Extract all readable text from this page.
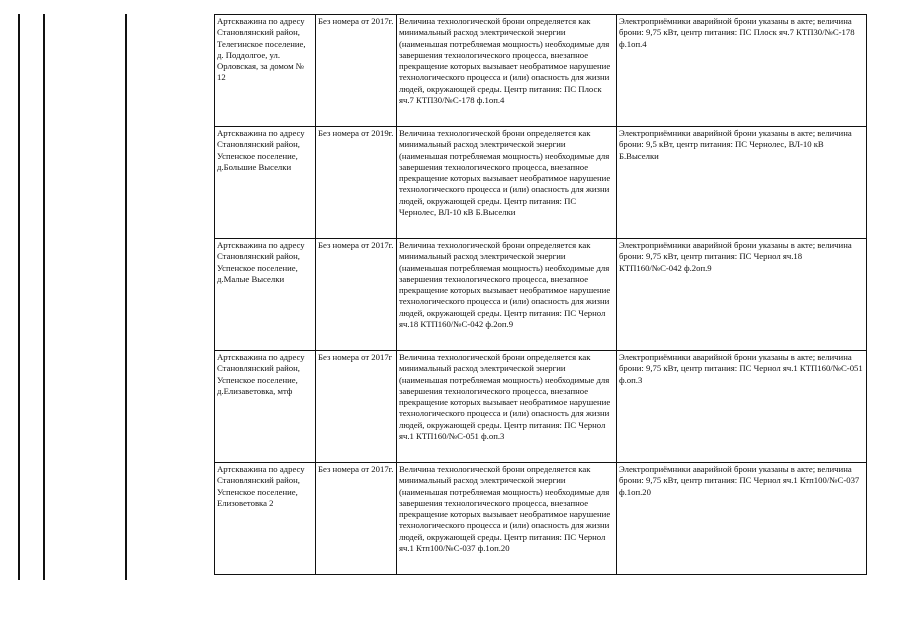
Артскважина по адресу Становлянский район, Телегинское поселение, д. Поддолгое, ул. Орловская, за домом № 12	Без номера от 2017г.	Величина технологической брони определяется как минимальный расход электрической энергии (наименьшая потребляемая мощность) необходимые для завершения технологического процесса, внезапное прекращение которых вызывает необратимое нарушение технологического процесса и (или) опасность для жизни людей, окружающей среды. Центр питания: ПС Плоск яч.7 КТП30/№С-178 ф.1оп.4	Электроприёмники аварийной брони указаны в акте; величина брони: 9,75 кВт, центр питания: ПС Плоск яч.7 КТП30/№С-178 ф.1оп.4
Артскважина по адресу Становлянский район, Успенское поселение, д.Большие Выселки	Без номера от 2019г.	Величина технологической брони определяется как минимальный расход электрической энергии (наименьшая потребляемая мощность) необходимые для завершения технологического процесса, внезапное прекращение которых вызывает необратимое нарушение технологического процесса и (или) опасность для жизни людей, окружающей среды. Центр питания: ПС Чернолес, ВЛ-10 кВ Б.Выселки	Электроприёмники аварийной брони указаны в акте; величина брони: 9,5 кВт, центр питания: ПС Чернолес, ВЛ-10 кВ Б.Выселки
Артскважина по адресу Становлянский район, Успенское поселение, д.Малые Выселки	Без номера от 2017г.	Величина технологической брони определяется как минимальный расход электрической энергии (наименьшая потребляемая мощность) необходимые для завершения технологического процесса, внезапное прекращение которых вызывает необратимое нарушение технологического процесса и (или) опасность для жизни людей, окружающей среды. Центр питания: ПС Чернол яч.18 КТП160/№С-042 ф.2оп.9	Электроприёмники аварийной брони указаны в акте; величина брони: 9,75 кВт, центр питания: ПС Чернол яч.18 КТП160/№С-042 ф.2оп.9
Артскважина по адресу Становлянский район, Успенское поселение, д.Елизаветовка, мтф	Без номера от 2017г	Величина технологической брони определяется как минимальный расход электрической энергии (наименьшая потребляемая мощность) необходимые для завершения технологического процесса, внезапное прекращение которых вызывает необратимое нарушение технологического процесса и (или) опасность для жизни людей, окружающей среды. Центр питания: ПС Чернол яч.1 КТП160/№С-051 ф.оп.3	Электроприёмники аварийной брони указаны в акте; величина брони: 9,75 кВт, центр питания: ПС Чернол яч.1 КТП160/№С-051 ф.оп.3
Артскважина по адресу Становлянский район, Успенское поселение, Елизоветовка 2	Без номера от 2017г.	Величина технологической брони определяется как минимальный расход электрической энергии (наименьшая потребляемая мощность) необходимые для завершения технологического процесса, внезапное прекращение которых вызывает необратимое нарушение технологического процесса и (или) опасность для жизни людей, окружающей среды. Центр питания: ПС Чернол яч.1 Ктп100/№С-037 ф.1оп.20	Электроприёмники аварийной брони указаны в акте; величина брони: 9,75 кВт, центр питания: ПС Чернол яч.1 Ктп100/№С-037 ф.1оп.20
